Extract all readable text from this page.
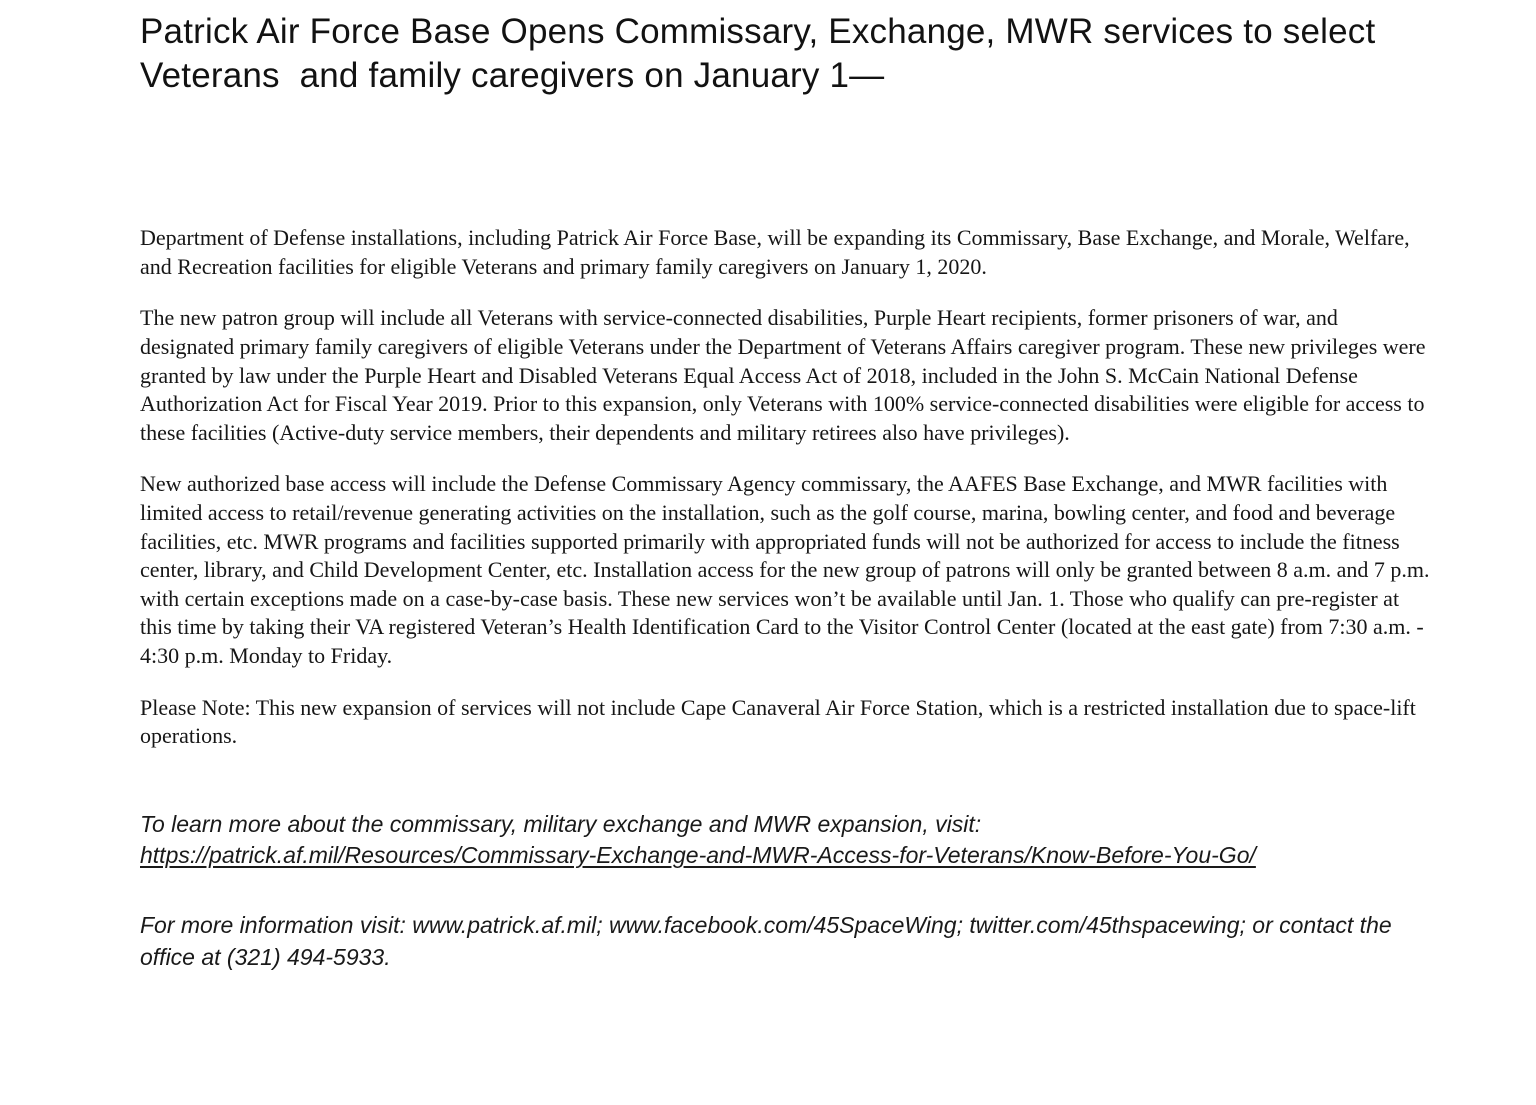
Patrick Air Force Base Opens Commissary, Exchange, MWR services to select Veterans  and family caregivers on January 1—

Department of Defense installations, including Patrick Air Force Base, will be expanding its Commissary, Base Exchange, and Morale, Welfare, and Recreation facilities for eligible Veterans and primary family caregivers on January 1, 2020.

The new patron group will include all Veterans with service-connected disabilities, Purple Heart recipients, former prisoners of war, and designated primary family caregivers of eligible Veterans under the Department of Veterans Affairs caregiver program. These new privileges were granted by law under the Purple Heart and Disabled Veterans Equal Access Act of 2018, included in the John S. McCain National Defense Authorization Act for Fiscal Year 2019. Prior to this expansion, only Veterans with 100% service-connected disabilities were eligible for access to these facilities (Active-duty service members, their dependents and military retirees also have privileges).

New authorized base access will include the Defense Commissary Agency commissary, the AAFES Base Exchange, and MWR facilities with limited access to retail/revenue generating activities on the installation, such as the golf course, marina, bowling center, and food and beverage facilities, etc. MWR programs and facilities supported primarily with appropriated funds will not be authorized for access to include the fitness center, library, and Child Development Center, etc. Installation access for the new group of patrons will only be granted between 8 a.m. and 7 p.m. with certain exceptions made on a case-by-case basis. These new services won’t be available until Jan. 1. Those who qualify can pre-register at this time by taking their VA registered Veteran’s Health Identification Card to the Visitor Control Center (located at the east gate) from 7:30 a.m. - 4:30 p.m. Monday to Friday.

Please Note: This new expansion of services will not include Cape Canaveral Air Force Station, which is a restricted installation due to space-lift operations.

To learn more about the commissary, military exchange and MWR expansion, visit:

https://patrick.af.mil/Resources/Commissary-Exchange-and-MWR-Access-for-Veterans/Know-Before-You-Go/

For more information visit: www.patrick.af.mil; www.facebook.com/45SpaceWing; twitter.com/45thspacewing; or contact the office at (321) 494-5933.
